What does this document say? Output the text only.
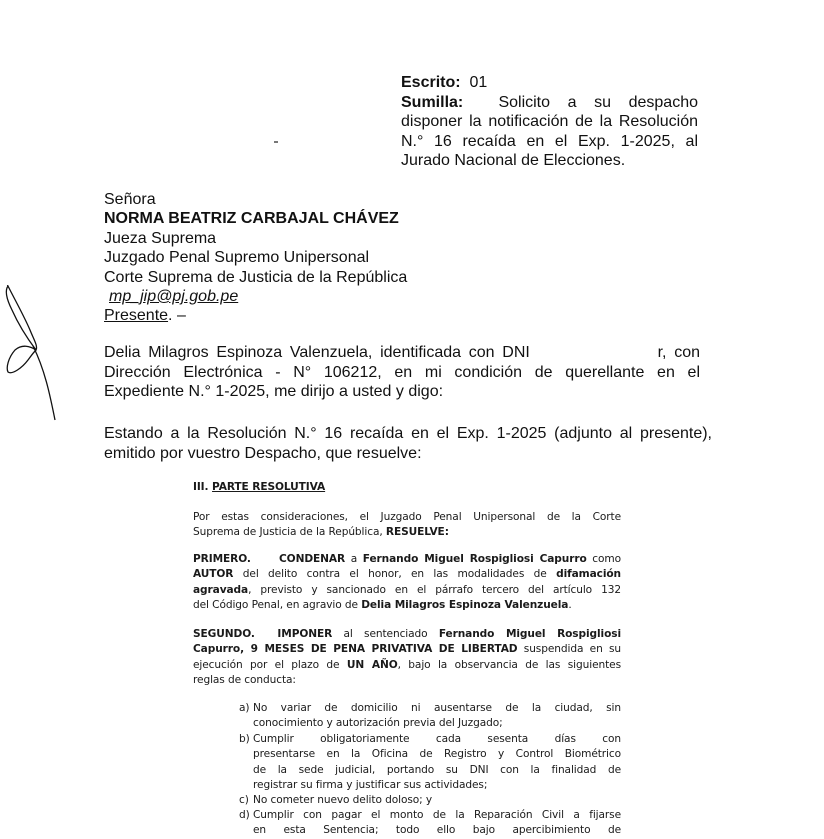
Escrito: 01
Sumilla: Solicito a su despacho
disponer la notificación de la Resolución
N.° 16 recaída en el Exp. 1-2025, al
Jurado Nacional de Elecciones.
Señora
NORMA BEATRIZ CARBAJAL CHÁVEZ
Jueza Suprema
Juzgado Penal Supremo Unipersonal
Corte Suprema de Justicia de la República
mp_jip@pj.gob.pe
Presente. –
Delia Milagros Espinoza Valenzuela, identificada con DNI	r, con
Dirección Electrónica - N° 106212, en mi condición de querellante en el
Expediente N.° 1-2025, me dirijo a usted y digo:
Estando a la Resolución N.° 16 recaída en el Exp. 1-2025 (adjunto al presente),
emitido por vuestro Despacho, que resuelve:
III. PARTE RESOLUTIVA
Por estas consideraciones, el Juzgado Penal Unipersonal de la Corte
Suprema de Justicia de la República, RESUELVE:
PRIMERO.	CONDENAR a Fernando Miguel Rospigliosi Capurro como
AUTOR del delito contra el honor, en las modalidades de difamación
agravada, previsto y sancionado en el párrafo tercero del artículo 132
del Código Penal, en agravio de Delia Milagros Espinoza Valenzuela.
SEGUNDO. IMPONER al sentenciado Fernando Miguel Rospigliosi
Capurro, 9 MESES DE PENA PRIVATIVA DE LIBERTAD suspendida en su
ejecución por el plazo de UN AÑO, bajo la observancia de las siguientes
reglas de conducta:
a) No variar de domicilio ni ausentarse de la ciudad, sin
conocimiento y autorización previa del Juzgado;
b) Cumplir obligatoriamente cada sesenta días con
presentarse en la Oficina de Registro y Control Biométrico
de la sede judicial, portando su DNI con la finalidad de
registrar su firma y justificar sus actividades;
c) No cometer nuevo delito doloso; y
d) Cumplir con pagar el monto de la Reparación Civil a fijarse
en esta Sentencia; todo ello bajo apercibimiento de
